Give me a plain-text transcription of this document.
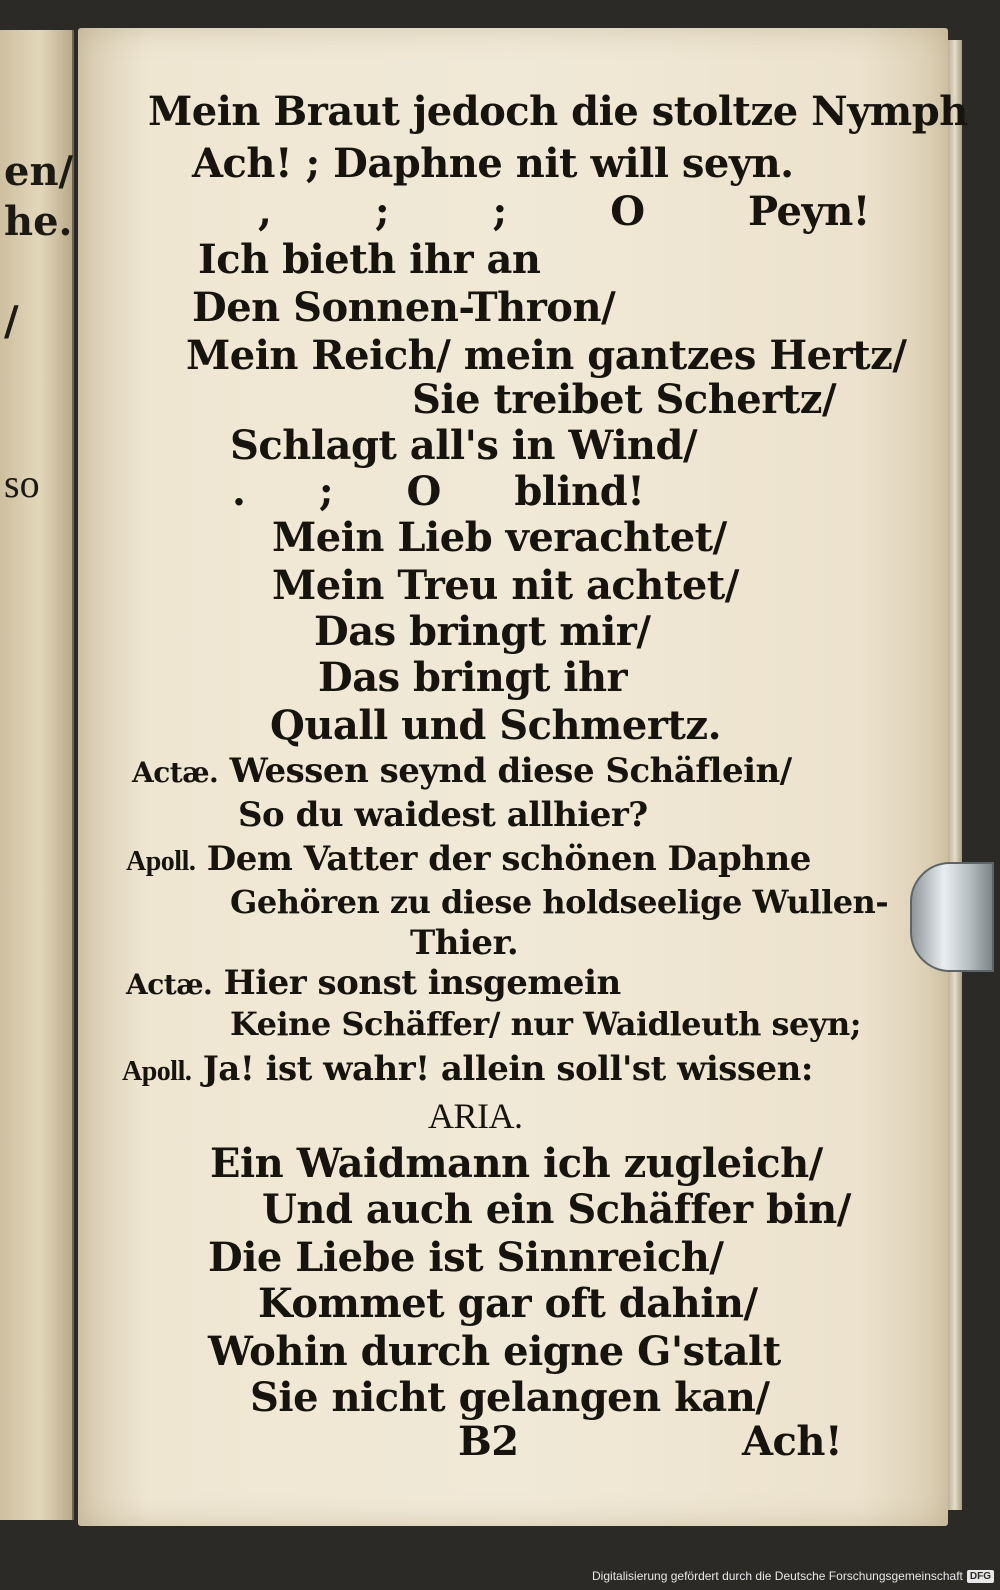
en/
he.
/
so
Mein Braut jedoch die stoltze Nymph
Ach! ; Daphne nit will seyn.
, ; ; O Peyn!
Ich bieth ihr an
Den Sonnen-Thron/
Mein Reich/ mein gantzes Hertz/
Sie treibet Schertz/
Schlagt all's in Wind/
. ; O blind!
Mein Lieb verachtet/
Mein Treu nit achtet/
Das bringt mir/
Das bringt ihr
Quall und Schmertz.
Actæ. Wessen seynd diese Schäflein/
So du waidest allhier?
Apoll. Dem Vatter der schönen Daphne
Gehören zu diese holdseelige Wullen-
Thier.
Actæ. Hier sonst insgemein
Keine Schäffer/ nur Waidleuth seyn;
Apoll. Ja! ist wahr! allein soll'st wissen:
ARIA.
Ein Waidmann ich zugleich/
Und auch ein Schäffer bin/
Die Liebe ist Sinnreich/
Kommet gar oft dahin/
Wohin durch eigne G'stalt
Sie nicht gelangen kan/
B2	Ach!
Digitalisierung gefördert durch die Deutsche Forschungsgemeinschaft DFG
